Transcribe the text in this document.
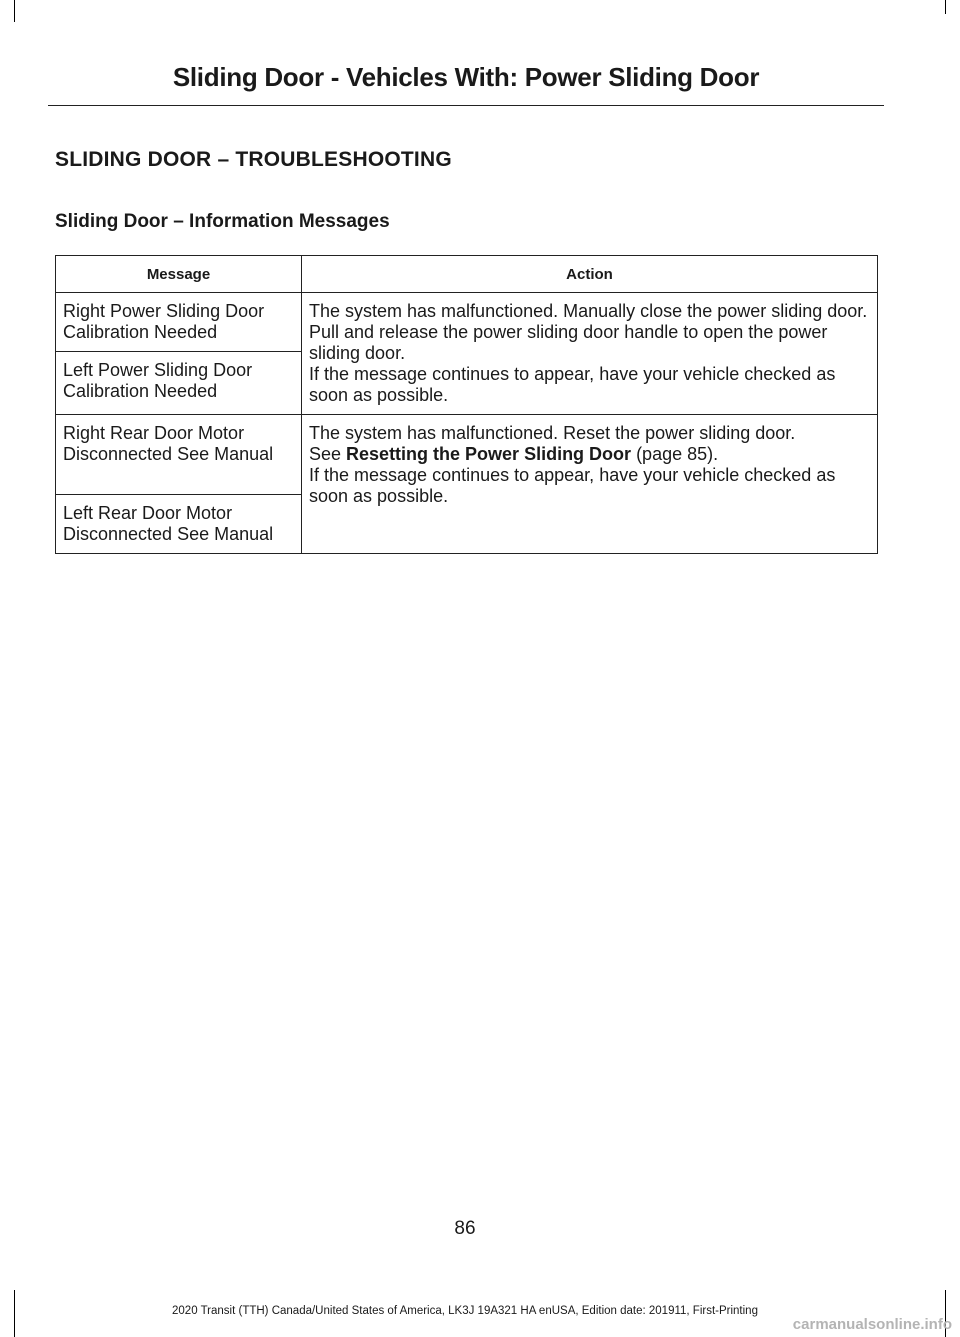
Sliding Door - Vehicles With: Power Sliding Door
SLIDING DOOR – TROUBLESHOOTING
Sliding Door – Information Messages
Message	Action
Right Power Sliding Door Calibration Needed	The system has malfunctioned. Manually close the power sliding door. Pull and release the power sliding door handle to open the power sliding door.
If the message continues to appear, have your vehicle checked as soon as possible.

Left Power Sliding Door Calibration Needed	
Right Rear Door Motor Disconnected See Manual	The system has malfunctioned. Reset the power sliding door.
See Resetting the Power Sliding Door (page 85).
If the message continues to appear, have your vehicle checked as soon as possible.

Left Rear Door Motor Disconnected See Manual	
86
2020 Transit (TTH) Canada/United States of America, LK3J 19A321 HA enUSA, Edition date: 201911, First-Printing
carmanualsonline.info
